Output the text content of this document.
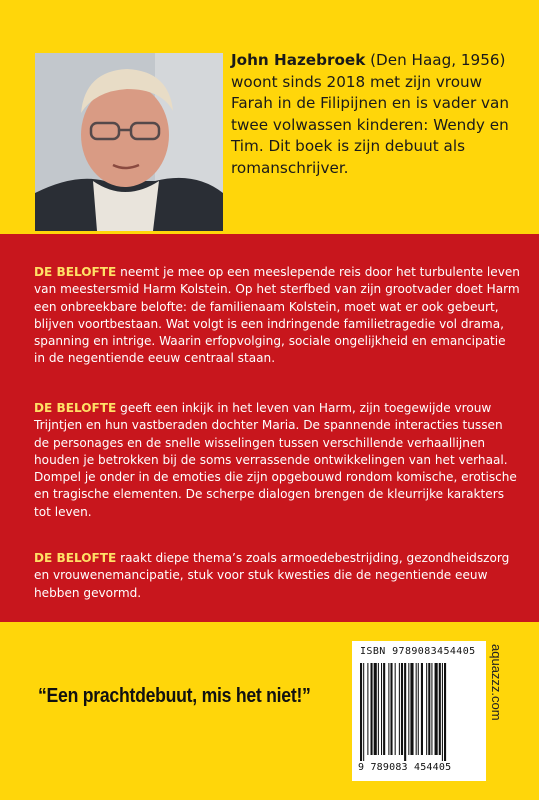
John Hazebroek (Den Haag, 1956) woont sinds 2018 met zijn vrouw Farah in de Filipijnen en is vader van twee volwassen kinderen: Wendy en Tim. Dit boek is zijn debuut als romanschrijver.

DE BELOFTE neemt je mee op een meeslepende reis door het turbulente leven van meestersmid Harm Kolstein. Op het sterfbed van zijn grootvader doet Harm een onbreekbare belofte: de familienaam Kolstein, moet wat er ook gebeurt, blijven voortbestaan. Wat volgt is een indringende familietragedie vol drama, spanning en intrige. Waarin erfopvolging, sociale ongelijkheid en emancipatie in de negentiende eeuw centraal staan.

DE BELOFTE geeft een inkijk in het leven van Harm, zijn toegewijde vrouw Trijntjen en hun vastberaden dochter Maria. De spannende interacties tussen de personages en de snelle wisselingen tussen verschillende verhaallijnen houden je betrokken bij de soms verrassende ontwikkelingen van het verhaal. Dompel je onder in de emoties die zijn opgebouwd rondom komische, erotische en tragische elementen. De scherpe dialogen brengen de kleurrijke karakters tot leven.

DE BELOFTE raakt diepe thema’s zoals armoedebestrijding, gezondheidszorg en vrouwenemancipatie, stuk voor stuk kwesties die de negentiende eeuw hebben gevormd.

“Een prachtdebuut, mis het niet!”
ISBN 9789083454405
9 789083 454405
aquazzz.com
